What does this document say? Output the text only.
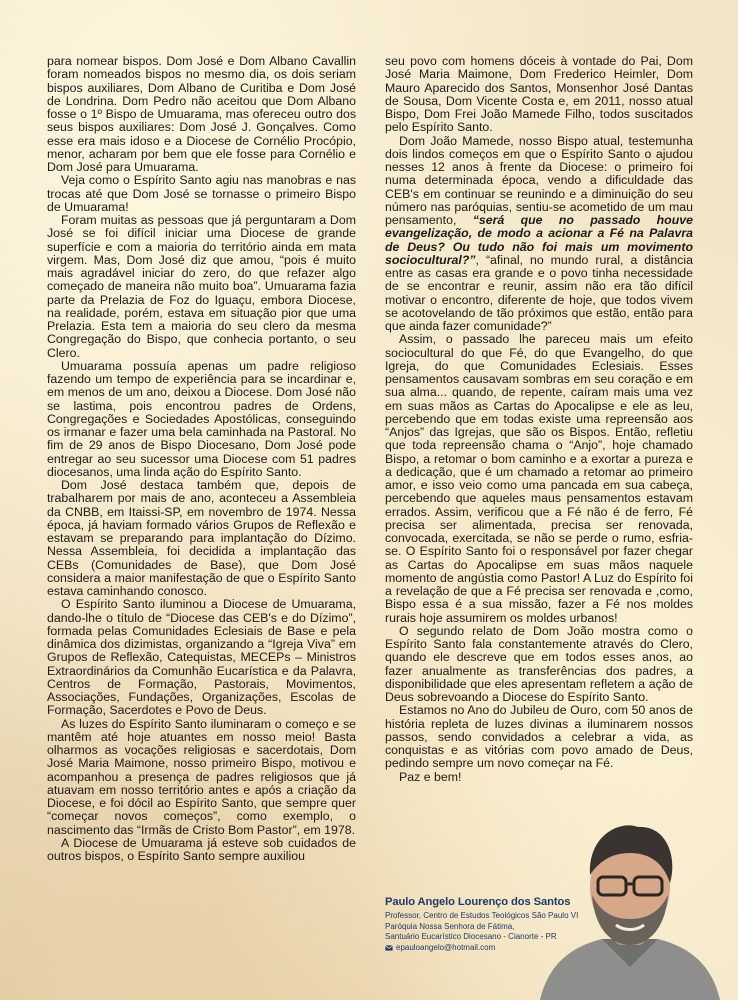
para nomear bispos. Dom José e Dom Albano Cavallin foram nomeados bispos no mesmo dia, os dois seriam bispos auxiliares, Dom Albano de Curitiba e Dom José de Londrina. Dom Pedro não aceitou que Dom Albano fosse o 1º Bispo de Umuarama, mas ofereceu outro dos seus bispos auxiliares: Dom José J. Gonçalves. Como esse era mais idoso e a Diocese de Cornélio Procópio, menor, acharam por bem que ele fosse para Cornélio e Dom José para Umuarama.

Veja como o Espírito Santo agiu nas manobras e nas trocas até que Dom José se tornasse o primeiro Bispo de Umuarama!

Foram muitas as pessoas que já perguntaram a Dom José se foi difícil iniciar uma Diocese de grande superfície e com a maioria do território ainda em mata virgem. Mas, Dom José diz que amou, “pois é muito mais agradável iniciar do zero, do que refazer algo começado de maneira não muito boa”. Umuarama fazia parte da Prelazia de Foz do Iguaçu, embora Diocese, na realidade, porém, estava em situação pior que uma Prelazia. Esta tem a maioria do seu clero da mesma Congregação do Bispo, que conhecia portanto, o seu Clero.

Umuarama possuía apenas um padre religioso fazendo um tempo de experiência para se incardinar e, em menos de um ano, deixou a Diocese. Dom José não se lastima, pois encontrou padres de Ordens, Congregações e Sociedades Apostólicas, conseguindo os irmanar e fazer uma bela caminhada na Pastoral. No fim de 29 anos de Bispo Diocesano, Dom José pode entregar ao seu sucessor uma Diocese com 51 padres diocesanos, uma linda ação do Espírito Santo.

Dom José destaca também que, depois de trabalharem por mais de ano, aconteceu a Assembleia da CNBB, em Itaissi-SP, em novembro de 1974. Nessa época, já haviam formado vários Grupos de Reflexão e estavam se preparando para implantação do Dízimo. Nessa Assembleia, foi decidida a implantação das CEBs (Comunidades de Base), que Dom José considera a maior manifestação de que o Espírito Santo estava caminhando conosco.

O Espírito Santo iluminou a Diocese de Umuarama, dando-lhe o título de “Diocese das CEB's e do Dízimo”, formada pelas Comunidades Eclesiais de Base e pela dinâmica dos dizimistas, organizando a “Igreja Viva” em Grupos de Reflexão, Catequistas, MECEPs – Ministros Extraordinários da Comunhão Eucarística e da Palavra, Centros de Formação, Pastorais, Movimentos, Associações, Fundações, Organizações, Escolas de Formação, Sacerdotes e Povo de Deus.

As luzes do Espírito Santo iluminaram o começo e se mantêm até hoje atuantes em nosso meio! Basta olharmos as vocações religiosas e sacerdotais, Dom José Maria Maimone, nosso primeiro Bispo, motivou e acompanhou a presença de padres religiosos que já atuavam em nosso território antes e após a criação da Diocese, e foi dócil ao Espírito Santo, que sempre quer “começar novos começos”, como exemplo, o nascimento das “Irmãs de Cristo Bom Pastor”, em 1978.

A Diocese de Umuarama já esteve sob cuidados de outros bispos, o Espírito Santo sempre auxiliou

seu povo com homens dóceis à vontade do Pai, Dom José Maria Maimone, Dom Frederico Heimler, Dom Mauro Aparecido dos Santos, Monsenhor José Dantas de Sousa, Dom Vicente Costa e, em 2011, nosso atual Bispo, Dom Frei João Mamede Filho, todos suscitados pelo Espírito Santo.

Dom João Mamede, nosso Bispo atual, testemunha dois lindos começos em que o Espírito Santo o ajudou nesses 12 anos à frente da Diocese: o primeiro foi numa determinada época, vendo a dificuldade das CEB's em continuar se reunindo e a diminuição do seu número nas paróquias, sentiu-se acometido de um mau pensamento, “será que no passado houve evangelização, de modo a acionar a Fé na Palavra de Deus? Ou tudo não foi mais um movimento sociocultural?”, “afinal, no mundo rural, a distância entre as casas era grande e o povo tinha necessidade de se encontrar e reunir, assim não era tão difícil motivar o encontro, diferente de hoje, que todos vivem se acotovelando de tão próximos que estão, então para que ainda fazer comunidade?”

Assim, o passado lhe pareceu mais um efeito sociocultural do que Fé, do que Evangelho, do que Igreja, do que Comunidades Eclesiais. Esses pensamentos causavam sombras em seu coração e em sua alma... quando, de repente, caíram mais uma vez em suas mãos as Cartas do Apocalipse e ele as leu, percebendo que em todas existe uma repreensão aos “Anjos” das Igrejas, que são os Bispos. Então, refletiu que toda repreensão chama o “Anjo”, hoje chamado Bispo, a retomar o bom caminho e a exortar a pureza e a dedicação, que é um chamado a retomar ao primeiro amor, e isso veio como uma pancada em sua cabeça, percebendo que aqueles maus pensamentos estavam errados. Assim, verificou que a Fé não é de ferro, Fé precisa ser alimentada, precisa ser renovada, convocada, exercitada, se não se perde o rumo, esfria-se. O Espírito Santo foi o responsável por fazer chegar as Cartas do Apocalipse em suas mãos naquele momento de angústia como Pastor! A Luz do Espírito foi a revelação de que a Fé precisa ser renovada e ,como, Bispo essa é a sua missão, fazer a Fé nos moldes rurais hoje assumirem os moldes urbanos!

O segundo relato de Dom João mostra como o Espírito Santo fala constantemente através do Clero, quando ele descreve que em todos esses anos, ao fazer anualmente as transferências dos padres, a disponibilidade que eles apresentam refletem a ação de Deus sobrevoando a Diocese do Espírito Santo.

Estamos no Ano do Jubileu de Ouro, com 50 anos de história repleta de luzes divinas a iluminarem nossos passos, sendo convidados a celebrar a vida, as conquistas e as vitórias com povo amado de Deus, pedindo sempre um novo começar na Fé.

Paz e bem!

Paulo Angelo Lourenço dos Santos
Professor, Centro de Estudos Teológicos São Paulo VI
Paróquia Nossa Senhora de Fátima,
Santuário Eucarístico Diocesano - Cianorte - PR
epauloangelo@hotmail.com
